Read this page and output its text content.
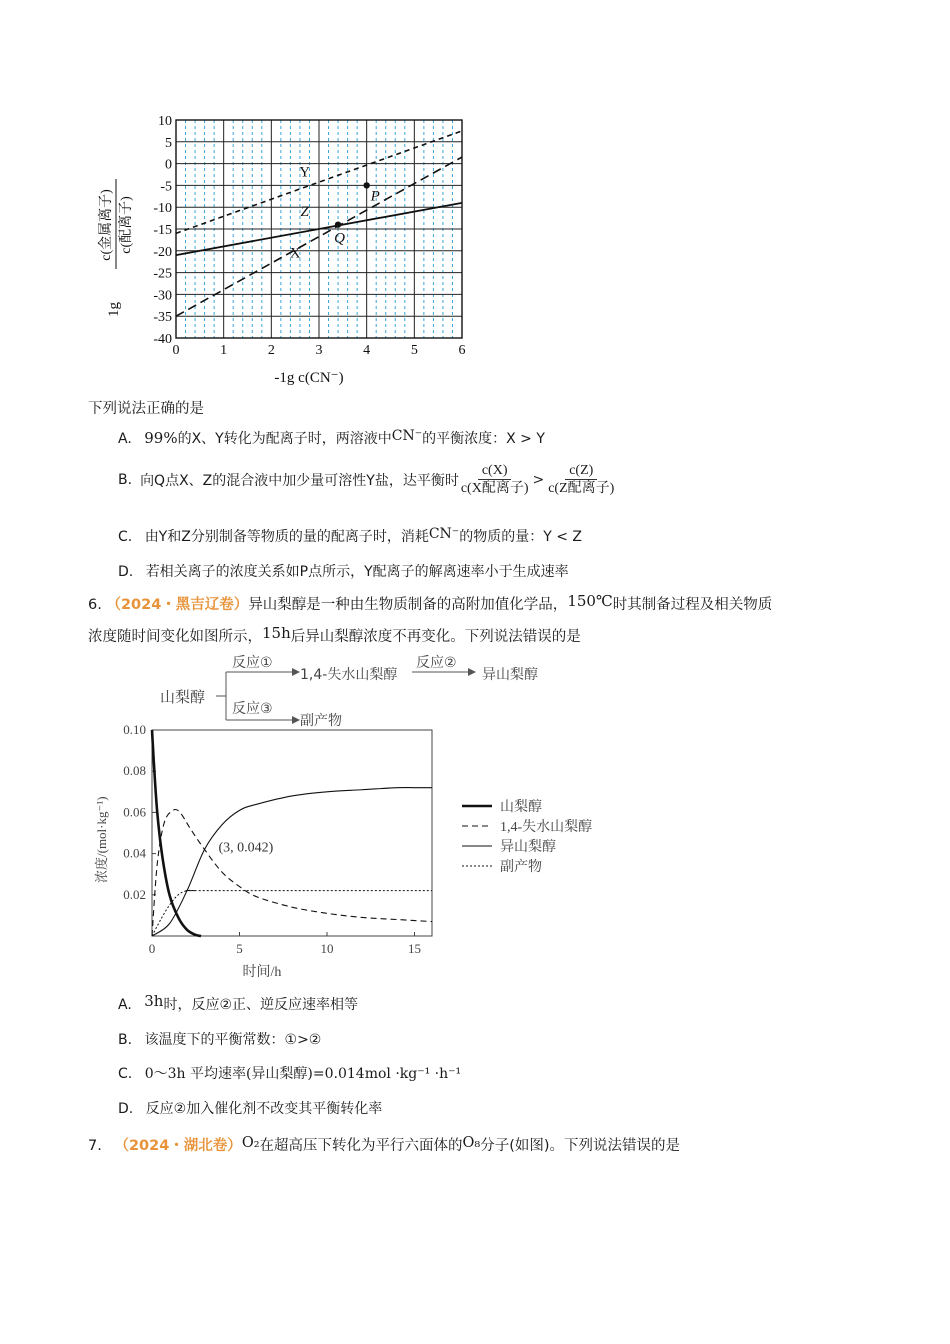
0	1	2	3	4	5	6
10
5
0
-5
-10
-15
-20
-25
-30
-35
-40
-1g c(CN⁻)
1g
c(金属离子) c(配离子)
Y
X
Z
P
Q
下列说法正确的是
A. 99%的X、Y转化为配离子时，两溶液中CN⁻的平衡浓度：X > Y
B. 向Q点X、Z的混合液中加少量可溶性Y盐，达平衡时 $\frac{c(X)}{\text{c(X配离子)}} > \frac{c(Z)}{\text{c(Z配离子)}}$
C. 由Y和Z分别制备等物质的量的配离子时，消耗CN⁻的物质的量：Y < Z
D. 若相关离子的浓度关系如P点所示，Y配离子的解离速率小于生成速率
6. （2024・黑吉辽卷）异山梨醇是一种由生物质制备的高附加值化学品，150℃时其制备过程及相关物质
浓度随时间变化如图所示，15h后异山梨醇浓度不再变化。下列说法错误的是
山梨醇
反应①
反应③
1,4-失水山梨醇
反应②
异山梨醇
副产物
0	5	10	15
0.10
0.08
0.06
0.04
0.02
时间/h
浓度/(mol·kg⁻¹)	(3, 0.042)
山梨醇
1,4-失水山梨醇
异山梨醇
副产物
A. 3h时，反应②正、逆反应速率相等
B. 该温度下的平衡常数：①>②
C. 0～3h 平均速率(异山梨醇)=0.014mol ·kg⁻¹ ·h⁻¹
D. 反应②加入催化剂不改变其平衡转化率
7. （2024・湖北卷）O₂在超高压下转化为平行六面体的O₈分子(如图)。下列说法错误的是
